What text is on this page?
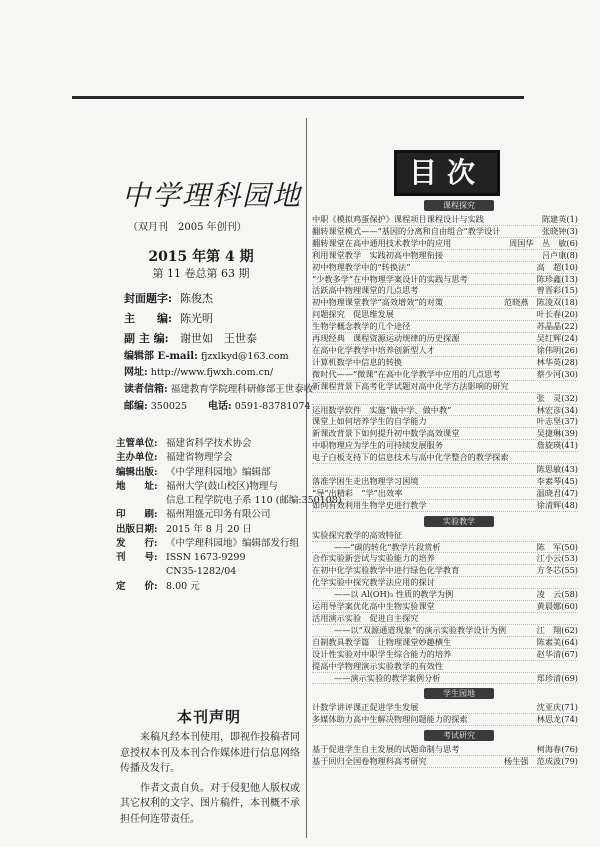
中学理科园地
（双月刊　2005 年创刊）
2015 年第 4 期
第 11 卷总第 63 期
封面题字: 陈俊杰
主　　编: 陈光明
副 主 编:	谢世如　王世泰
编辑部 E-mail: fjzxlkyd@163.com
网址: http://www.fjwxh.com.cn/
读者信箱: 福建教育学院理科研修部王世泰收
邮编: 350025 电话: 0591-83781074
主管单位: 福建省科学技术协会
主办单位: 福建省物理学会
编辑出版: 《中学理科园地》编辑部
地　　址: 福州大学(鼓山校区)物理与
信息工程学院电子系 110 (邮编:350108)
印　　刷: 福州翔盛元印务有限公司
出版日期: 2015 年 8 月 20 日
发　　行: 《中学理科园地》编辑部发行组
刊　　号: ISSN 1673-9299
CN35-1282/04
定　　价: 8.00 元
本刊声明

来稿凡经本刊使用，即视作投稿者同意授权本刊及本刊合作媒体进行信息网络传播及发行。

作者文责自负。对于侵犯他人版权或其它权利的文字、图片稿件，本刊概不承担任何连带责任。

目次
课程探究
中职《模拟鸡蛋保护》课程项目课程设计与实践	陈建英(1)
翻转课堂模式——“基因的分离和自由组合”教学设计	张晓钟(3)
翻转课堂在高中通用技术教学中的应用	周国华　丛　敏(6)
利用课堂教学　实践初高中物理衔接	吕卢康(8)
初中物理教学中的“转换法”	高　超(10)
“少教多学”在中物理学案设计的实践与思考	陈珍鑫(13)
活跃高中物理课堂的几点思考	曾晋彩(15)
初中物理课堂教学“高效增效”的对策	范晓燕　陈凌双(18)
问题探究　促思维发展	叶长春(20)
生物学概念教学的几个途径	苏晶晶(22)
再现经典　课程资源运动规律的历史探源	吴红辉(24)
在高中化学教学中培养创新型人才	徐伟明(26)
计算机数学中信息的转换	林华英(28)
微时代——“微课”在高中化学教学中应用的几点思考	蔡少河(30)
新课程背景下高考化学试题对高中化学方法影响的研究
张　灵(32)
运用数学软件　实施“做中学、做中教”	林宏彦(34)
课堂上如何培养学生的自学能力	叶志坚(37)
新课改背景下如何提升初中数学高效课堂	吴捷琳(39)
中职物理应为学生的可持续发展服务	詹旋瑛(41)
电子白板支持下的信息技术与高中化学整合的教学探索
陈思敏(43)
落准学困生走出物理学习困境	李素琴(45)
“导”出精彩　“学”出效率	温晓君(47)
如何有效利用生物学史进行教学	徐清辉(48)
实验教学
实验探究教学的高效特征
——“碳的转化”教学片段赏析	陈　军(50)
合作实验新尝试与实验能力的培养	江小云(53)
在初中化学实验教学中进行绿色化学教育	方冬芯(55)
化学实验中探究教学法应用的探讨
——以 Al(OH)₃ 性质的教学为例	凌　云(58)
运用导学案优化高中生物实验课堂	黄晨娜(60)
活用演示实验　促进自主探究
——以“双源通道现象”的演示实验教学设计为例	江　翔(62)
自制教具教学篇　让物理课堂妙趣横生	陈素美(64)
设计性实验对中职学生综合能力的培养	赵华清(67)
提高中学物理演示实验教学的有效性
——演示实验的教学案例分析	郑珍清(69)
学生园地
计数学讲评课正促进学生发展	沈亚庆(71)
多媒体助力高中生解决物理问题能力的探索	林思龙(74)
考试研究
基于促进学生自主发展的试题命制与思考	柯海春(76)
基于回归全国卷物理科高考研究	杨生强　范成波(79)
